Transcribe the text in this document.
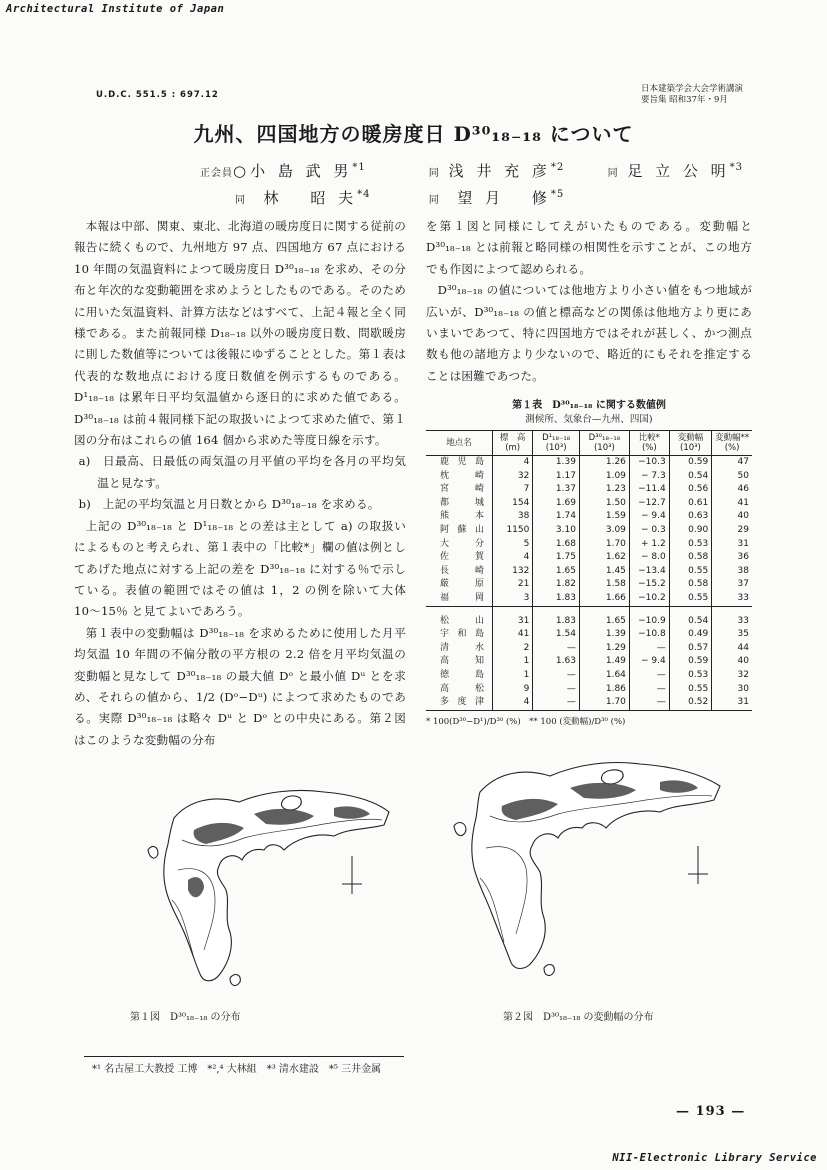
Architectural Institute of Japan
U.D.C. 551.5 : 697.12
日本建築学会大会学術講演
要旨集 昭和37年・9月
九州、四国地方の暖房度日 D³⁰₁₈₋₁₈ について
正会員○小 島 武 男$^{*1}$ 同 浅 井 充 彦$^{*2}$ 同 足 立 公 明$^{*3}$
同 林　 昭 夫$^{*4}$ 同 望 月　 修$^{*5}$

本報は中部、関東、東北、北海道の暖房度日に関する従前の報告に続くもので、九州地方 97 点、四国地方 67 点における 10 年間の気温資料によつて暖房度日 D³⁰₁₈₋₁₈ を求め、その分布と年次的な変動範囲を求めようとしたものである。そのために用いた気温資料、計算方法などはすべて、上記４報と全く同様である。また前報同様 D₁₈₋₁₈ 以外の暖房度日数、問歇暖房に則した数値等については後報にゆずることとした。第１表は代表的な数地点における度日数値を例示するものである。D¹₁₈₋₁₈ は累年日平均気温値から逐日的に求めた値である。D³⁰₁₈₋₁₈ は前４報同様下記の取扱いによつて求めた値で、第１図の分布はこれらの値 164 個から求めた等度日線を示す。

a)　日最高、日最低の両気温の月平値の平均を各月の平均気温と見なす。

b)　上記の平均気温と月日数とから D³⁰₁₈₋₁₈ を求める。

上記の D³⁰₁₈₋₁₈ と D¹₁₈₋₁₈ との差は主として a) の取扱いによるものと考えられ、第１表中の「比較*」欄の値は例としてあげた地点に対する上記の差を D³⁰₁₈₋₁₈ に対する％で示している。表値の範囲ではその値は 1，2 の例を除いて大体 10〜15％ と見てよいであろう。

第１表中の変動幅は D³⁰₁₈₋₁₈ を求めるために使用した月平均気温 10 年間の不偏分散の平方根の 2.2 倍を月平均気温の変動幅と見なして D³⁰₁₈₋₁₈ の最大値 Dᵒ と最小値 Dᵘ とを求め、それらの値から、1/2 (Dᵒ−Dᵘ) によつて求めたものである。実際 D³⁰₁₈₋₁₈ は略々 Dᵘ と Dᵒ との中央にある。第２図はこのような変動幅の分布

を第１図と同様にしてえがいたものである。変動幅と D³⁰₁₈₋₁₈ とは前報と略同様の相関性を示すことが、この地方でも作図によつて認められる。

D³⁰₁₈₋₁₈ の値については他地方より小さい値をもつ地域が広いが、D³⁰₁₈₋₁₈ の値と標高などの関係は他地方より更にあいまいであつて、特に四国地方ではそれが甚しく、かつ測点数も他の諸地方より少ないので、略近的にもそれを推定することは困難であつた。

第１表　D³⁰₁₈₋₁₈ に関する数値例
測候所、気象台—九州、四国)
地点名	標　高 (m)	D¹₁₈₋₁₈ (10³)	D³⁰₁₈₋₁₈ (10³)	比較* (%)	変動幅 (10³)	変動幅** (%)
鹿児島	4	1.39	1.26	−10.3	0.59	47
枕崎	32	1.17	1.09	− 7.3	0.54	50
宮崎	7	1.37	1.23	−11.4	0.56	46
都城	154	1.69	1.50	−12.7	0.61	41
熊本	38	1.74	1.59	− 9.4	0.63	40
阿蘇山	1150	3.10	3.09	− 0.3	0.90	29
大分	5	1.68	1.70	+ 1.2	0.53	31
佐賀	4	1.75	1.62	− 8.0	0.58	36
長崎	132	1.65	1.45	−13.4	0.55	38
厳原	21	1.82	1.58	−15.2	0.58	37
福岡	3	1.83	1.66	−10.2	0.55	33

松山	31	1.83	1.65	−10.9	0.54	33
宇和島	41	1.54	1.39	−10.8	0.49	35
清水	2	—	1.29	—	0.57	44
高知	1	1.63	1.49	− 9.4	0.59	40
徳島	1	—	1.64	—	0.53	32
高松	9	—	1.86	—	0.55	30
多度津	4	—	1.70	—	0.52	31
* 100(D³⁰−D¹)/D³⁰ (%)　** 100 (変動幅)/D³⁰ (%)
第１図　D³⁰₁₈₋₁₈ の分布	第２図　D³⁰₁₈₋₁₈ の変動幅の分布
*¹ 名古屋工大教授 工博　*²,⁴ 大林組　*³ 清水建設　*⁵ 三井金属
— 193 —
NII-Electronic Library Service
